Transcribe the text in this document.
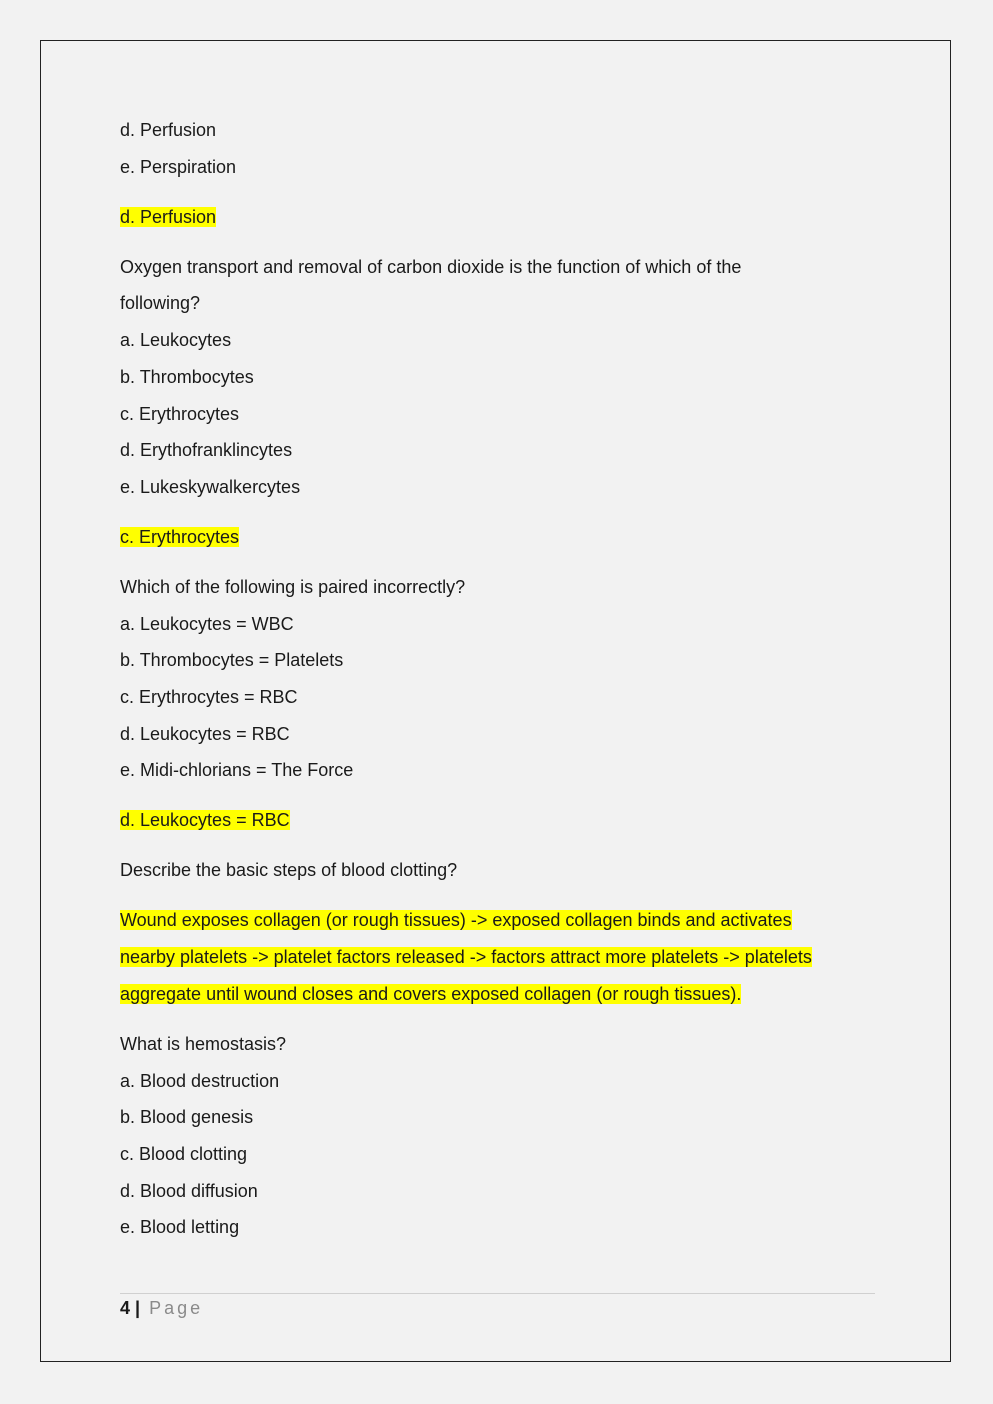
d. Perfusion

e. Perspiration

d. Perfusion

Oxygen transport and removal of carbon dioxide is the function of which of the

following?

a. Leukocytes

b. Thrombocytes

c. Erythrocytes

d. Erythofranklincytes

e. Lukeskywalkercytes

c. Erythrocytes

Which of the following is paired incorrectly?

a. Leukocytes = WBC

b. Thrombocytes = Platelets

c. Erythrocytes = RBC

d. Leukocytes = RBC

e. Midi-chlorians = The Force

d. Leukocytes = RBC

Describe the basic steps of blood clotting?

Wound exposes collagen (or rough tissues) -> exposed collagen binds and activates

nearby platelets -> platelet factors released -> factors attract more platelets -> platelets

aggregate until wound closes and covers exposed collagen (or rough tissues).

What is hemostasis?

a. Blood destruction

b. Blood genesis

c. Blood clotting

d. Blood diffusion

e. Blood letting

4 | Page
